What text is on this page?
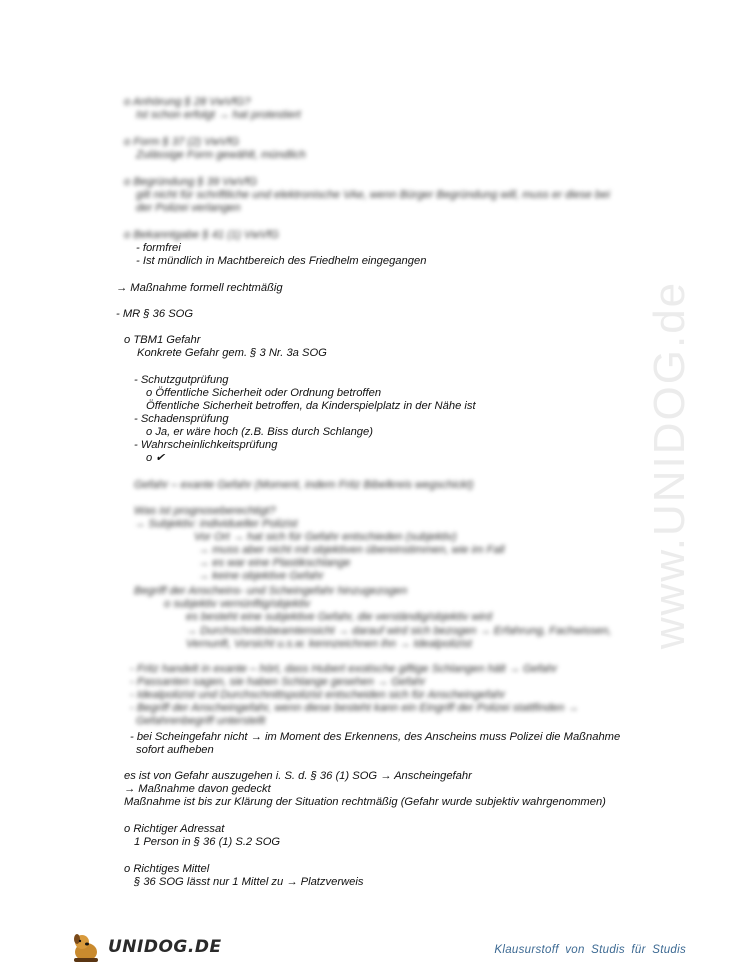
www.UNIDOG.de
o Anhörung § 28 VwVfG?
Ist schon erfolgt → hat protestiert
o Form § 37 (2) VwVfG
Zulässige Form gewählt, mündlich
o Begründung § 39 VwVfG
gilt nicht für schriftliche und elektronische VAe, wenn Bürger Begründung will, muss er diese bei
der Polizei verlangen
o Bekanntgabe § 41 (1) VwVfG
- formfrei
- Ist mündlich in Machtbereich des Friedhelm eingegangen
→ Maßnahme formell rechtmäßig
- MR § 36 SOG
o TBM1 Gefahr
Konkrete Gefahr gem. § 3 Nr. 3a SOG
- Schutzgutprüfung
o Öffentliche Sicherheit oder Ordnung betroffen
Öffentliche Sicherheit betroffen, da Kinderspielplatz in der Nähe ist
- Schadensprüfung
o Ja, er wäre hoch (z.B. Biss durch Schlange)
- Wahrscheinlichkeitsprüfung
o ✔
Gefahr – exante Gefahr (Moment, indem Fritz Bibelkreis wegschickt)
Was ist prognoseberechtigt?
→ Subjektiv: individueller Polizist
Vor Ort → hat sich für Gefahr entschieden (subjektiv)
→ muss aber nicht mit objektiven übereinstimmen, wie im Fall
→ es war eine Plastikschlange
→ keine objektive Gefahr
Begriff der Anscheins- und Scheingefahr hinzugezogen
o subjektiv vernünftig/objektiv
es besteht eine subjektive Gefahr, die verständig/objektiv wird
→ Durchschnittsbeamtensicht → darauf wird sich bezogen → Erfahrung, Fachwissen,
Vernunft, Vorsicht u.s.w. kennzeichnen ihn → Idealpolizist
- Fritz handelt in exante – hört, dass Hubert exotische giftige Schlangen hält → Gefahr
- Passanten sagen, sie haben Schlange gesehen → Gefahr
- Idealpolizist und Durchschnittspolizist entscheiden sich für Anscheingefahr
- Begriff der Anscheingefahr, wenn diese besteht kann ein Eingriff der Polizei stattfinden →
Gefahrenbegriff unterstellt
- bei Scheingefahr nicht → im Moment des Erkennens, des Anscheins muss Polizei die Maßnahme
sofort aufheben
es ist von Gefahr auszugehen i. S. d. § 36 (1) SOG → Anscheingefahr
→ Maßnahme davon gedeckt
Maßnahme ist bis zur Klärung der Situation rechtmäßig (Gefahr wurde subjektiv wahrgenommen)
o Richtiger Adressat
1 Person in § 36 (1) S.2 SOG
o Richtiges Mittel
§ 36 SOG lässt nur 1 Mittel zu → Platzverweis
UNIDOG.DE	Klausurstoff von Studis für Studis
